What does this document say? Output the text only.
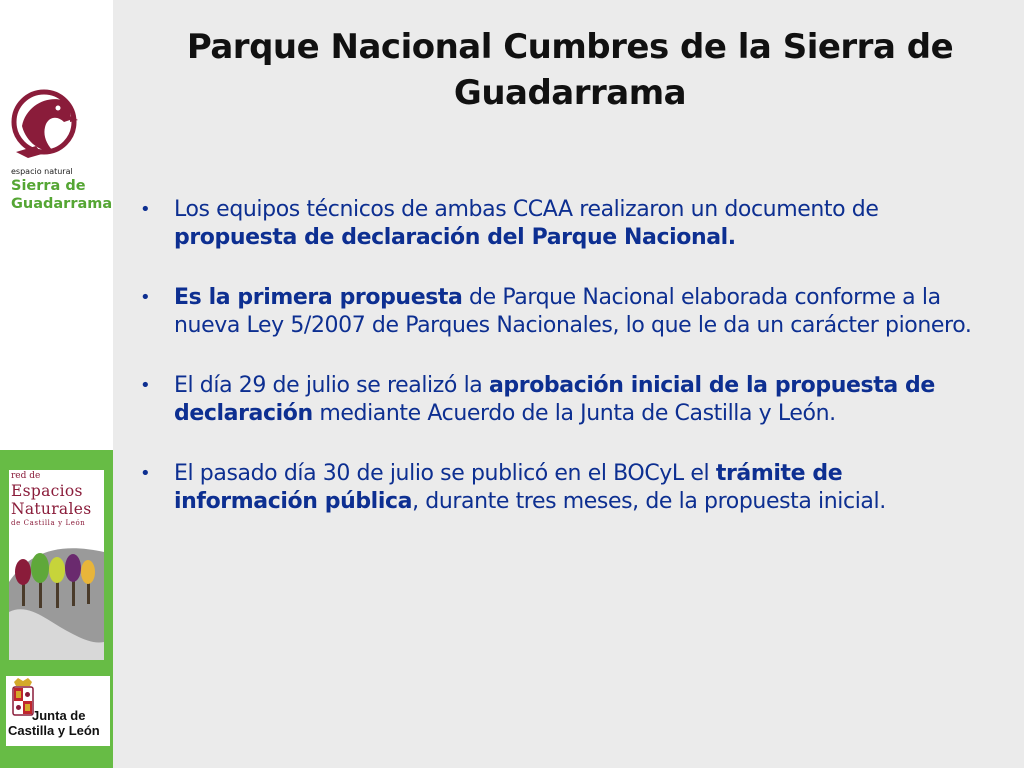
espacio natural
Sierra de
Guadarrama
red de
Espacios
Naturales
de Castilla y León
Junta de
Castilla y León
Parque Nacional Cumbres de la Sierra de Guadarrama
• Los equipos técnicos de ambas CCAA realizaron un documento de propuesta de declaración del Parque Nacional.
• Es la primera propuesta de Parque Nacional elaborada conforme a la nueva Ley 5/2007 de Parques Nacionales, lo que le da un carácter pionero.
• El día 29 de julio se realizó la aprobación inicial de la propuesta de declaración mediante Acuerdo de la Junta de Castilla y León.
• El pasado día 30 de julio se publicó en el BOCyL el trámite de información pública, durante tres meses, de la propuesta inicial.
